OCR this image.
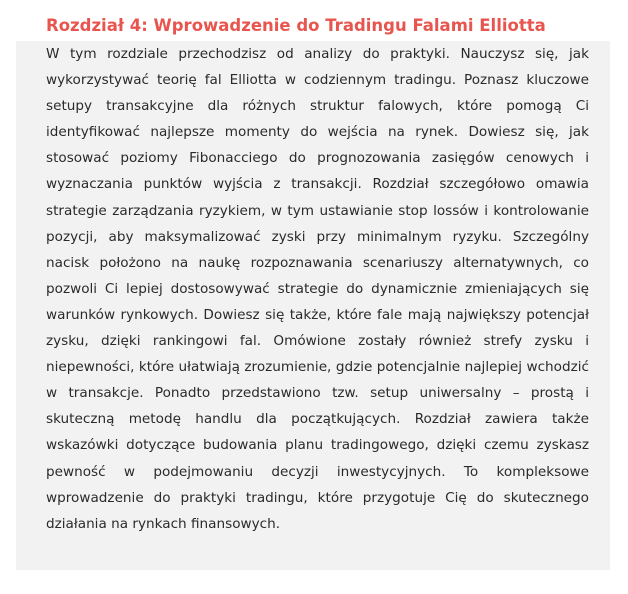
Rozdział 4: Wprowadzenie do Tradingu Falami Elliotta

W tym rozdziale przechodzisz od analizy do praktyki. Nauczysz się, jak wykorzystywać teorię fal Elliotta w codziennym tradingu. Poznasz kluczowe setupy transakcyjne dla różnych struktur falowych, które pomogą Ci identyfikować najlepsze momenty do wejścia na rynek. Dowiesz się, jak stosować poziomy Fibonacciego do prognozowania zasięgów cenowych i wyznaczania punktów wyjścia z transakcji. Rozdział szczegółowo omawia strategie zarządzania ryzykiem, w tym ustawianie stop lossów i kontrolowanie pozycji, aby maksymalizować zyski przy minimalnym ryzyku. Szczególny nacisk położono na naukę rozpoznawania scenariuszy alternatywnych, co pozwoli Ci lepiej dostosowywać strategie do dynamicznie zmieniających się warunków rynkowych. Dowiesz się także, które fale mają największy potencjał zysku, dzięki rankingowi fal. Omówione zostały również strefy zysku i niepewności, które ułatwiają zrozumienie, gdzie potencjalnie najlepiej wchodzić w transakcje. Ponadto przedstawiono tzw. setup uniwersalny – prostą i skuteczną metodę handlu dla początkujących. Rozdział zawiera także wskazówki dotyczące budowania planu tradingowego, dzięki czemu zyskasz pewność w podejmowaniu decyzji inwestycyjnych. To kompleksowe wprowadzenie do praktyki tradingu, które przygotuje Cię do skutecznego działania na rynkach finansowych.
